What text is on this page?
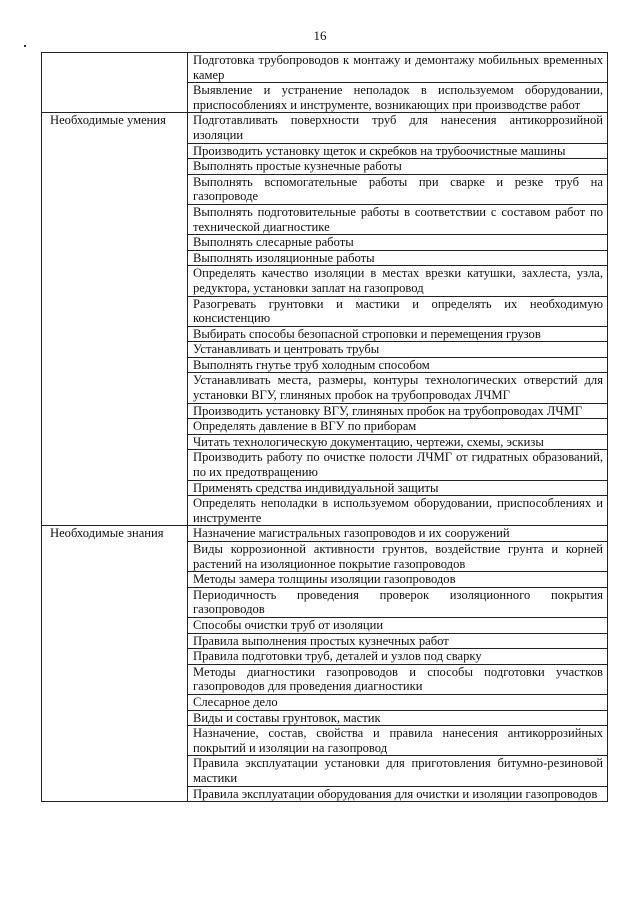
16
	Подготовка трубопроводов к монтажу и демонтажу мобильных временных камер
	Выявление и устранение неполадок в используемом оборудовании, приспособлениях и инструменте, возникающих при производстве работ
Необходимые умения	Подготавливать поверхности труб для нанесения антикоррозийной изоляции
	Производить установку щеток и скребков на трубоочистные машины
	Выполнять простые кузнечные работы
	Выполнять вспомогательные работы при сварке и резке труб на газопроводе
	Выполнять подготовительные работы в соответствии с составом работ по технической диагностике
	Выполнять слесарные работы
	Выполнять изоляционные работы
	Определять качество изоляции в местах врезки катушки, захлеста, узла, редуктора, установки заплат на газопровод
	Разогревать грунтовки и мастики и определять их необходимую консистенцию
	Выбирать способы безопасной строповки и перемещения грузов
	Устанавливать и центровать трубы
	Выполнять гнутье труб холодным способом
	Устанавливать места, размеры, контуры технологических отверстий для установки ВГУ, глиняных пробок на трубопроводах ЛЧМГ
	Производить установку ВГУ, глиняных пробок на трубопроводах ЛЧМГ
	Определять давление в ВГУ по приборам
	Читать технологическую документацию, чертежи, схемы, эскизы
	Производить работу по очистке полости ЛЧМГ от гидратных образований, по их предотвращению
	Применять средства индивидуальной защиты
	Определять неполадки в используемом оборудовании, приспособлениях и инструменте
Необходимые знания	Назначение магистральных газопроводов и их сооружений
	Виды коррозионной активности грунтов, воздействие грунта и корней растений на изоляционное покрытие газопроводов
	Методы замера толщины изоляции газопроводов
	Периодичность проведения проверок изоляционного покрытия газопроводов
	Способы очистки труб от изоляции
	Правила выполнения простых кузнечных работ
	Правила подготовки труб, деталей и узлов под сварку
	Методы диагностики газопроводов и способы подготовки участков газопроводов для проведения диагностики
	Слесарное дело
	Виды и составы грунтовок, мастик
	Назначение, состав, свойства и правила нанесения антикоррозийных покрытий и изоляции на газопровод
	Правила эксплуатации установки для приготовления битумно-резиновой мастики
	Правила эксплуатации оборудования для очистки и изоляции газопроводов
